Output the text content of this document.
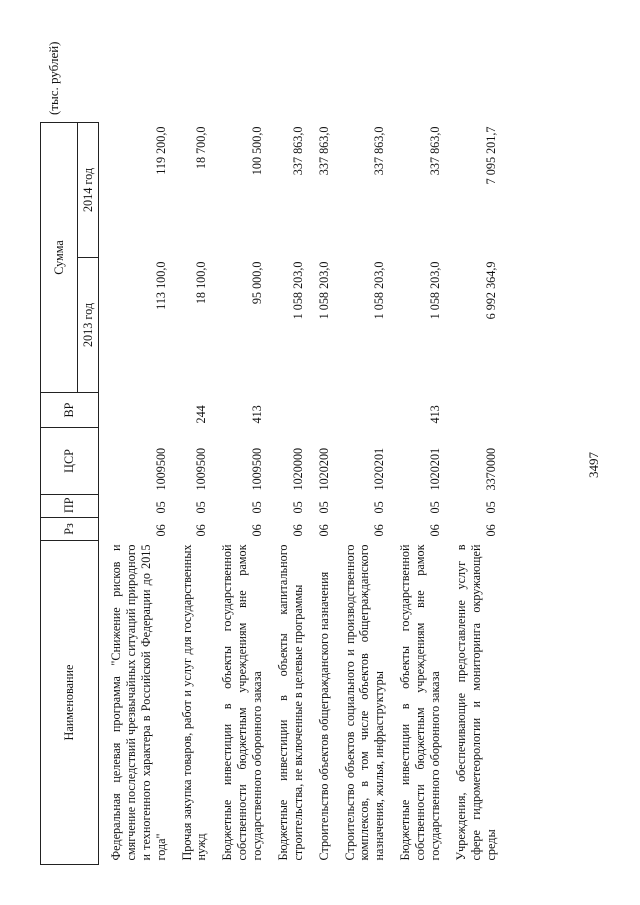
3497
(тыс. рублей)
Наименование	Рз	ПР	ЦСР	ВР	Сумма	
					2013 год	2014 год
Федеральная целевая программа "Снижение рисков и смягчение последствий чрезвычайных ситуаций природного и техногенного характера в Российской Федерации до 2015 года"	06	05	1009500		113 100,0	119 200,0
Прочая закупка товаров, работ и услуг для государственных нужд	06	05	1009500	244	18 100,0	18 700,0
Бюджетные инвестиции в объекты государственной собственности бюджетным учреждениям вне рамок государственного оборонного заказа	06	05	1009500	413	95 000,0	100 500,0
Бюджетные инвестиции в объекты капитального строительства, не включенные в целевые программы	06	05	1020000		1 058 203,0	337 863,0
Строительство объектов общегражданского назначения	06	05	1020200		1 058 203,0	337 863,0
Строительство объектов социального и производственного комплексов, в том числе объектов общегражданского назначения, жилья, инфраструктуры	06	05	1020201		1 058 203,0	337 863,0
Бюджетные инвестиции в объекты государственной собственности бюджетным учреждениям вне рамок государственного оборонного заказа	06	05	1020201	413	1 058 203,0	337 863,0
Учреждения, обеспечивающие предоставление услуг в сфере гидрометеорологии и мониторинга окружающей среды	06	05	3370000		6 992 364,9	7 095 201,7
